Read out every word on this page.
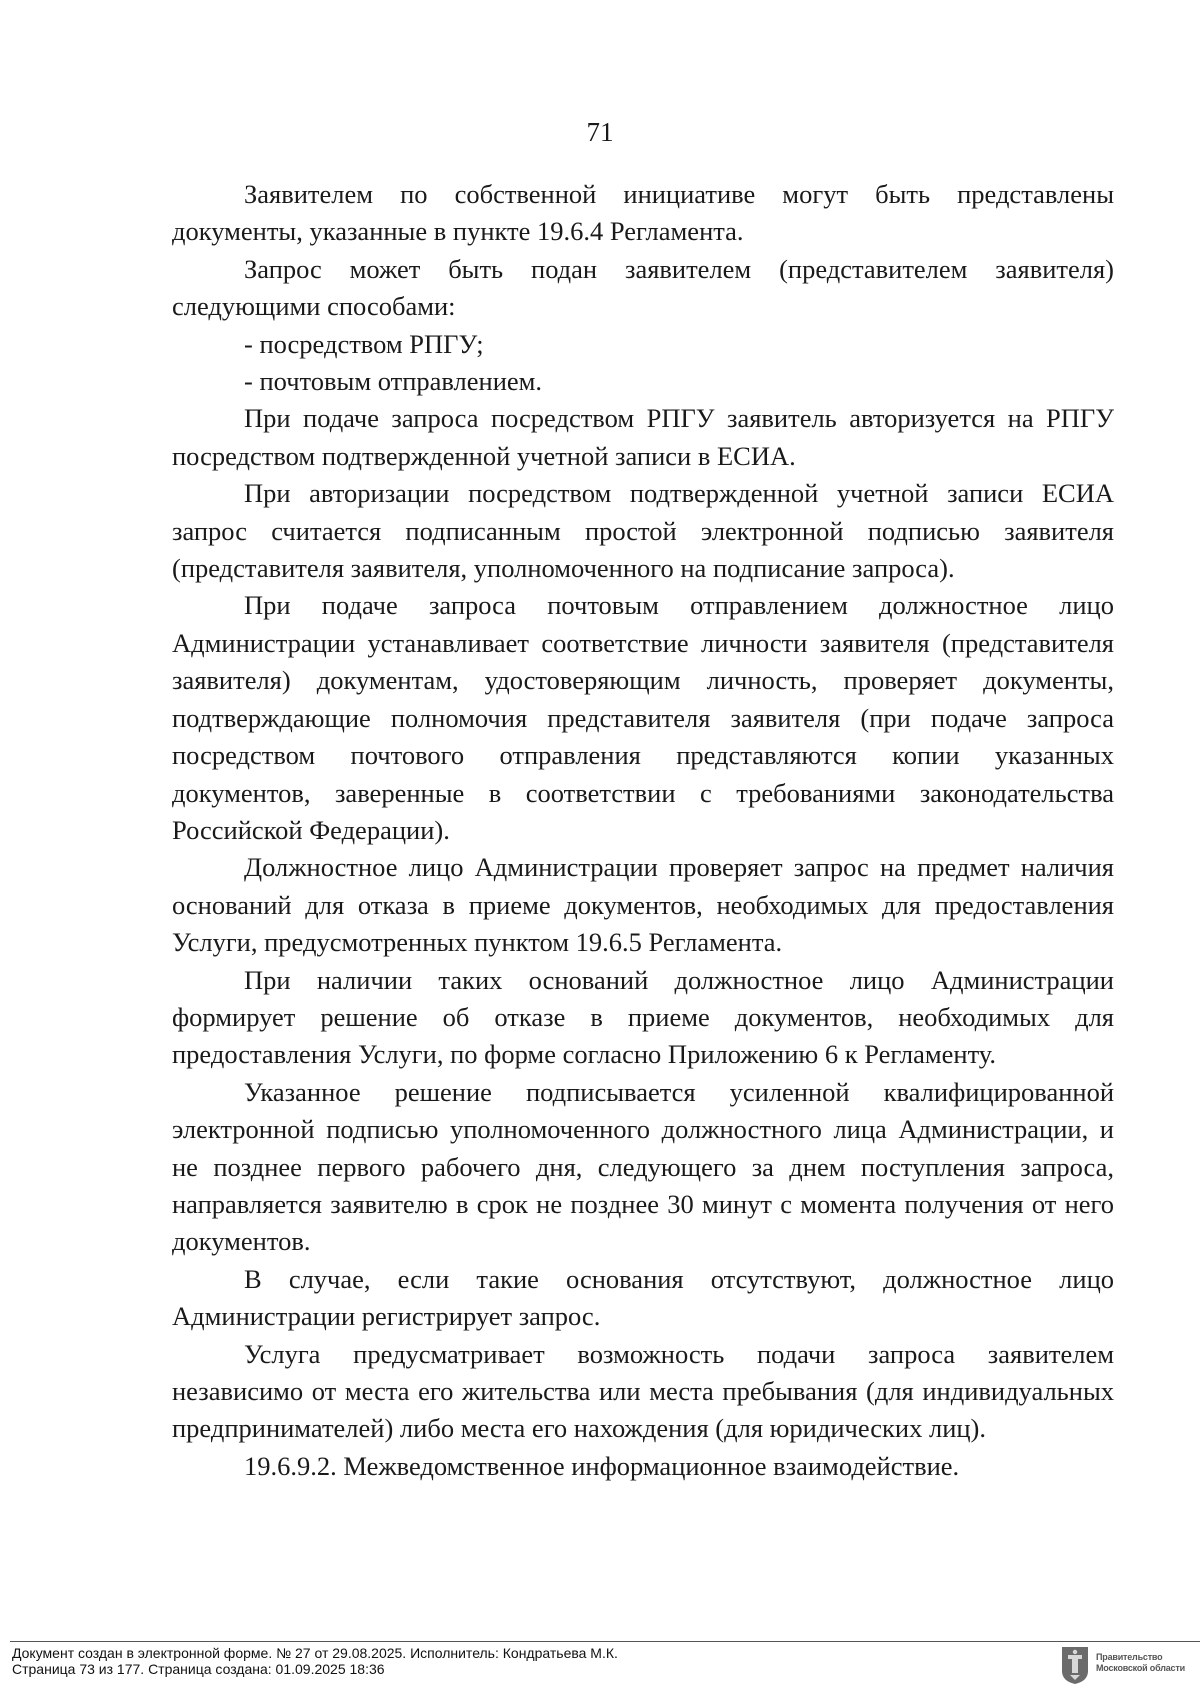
71

Заявителем по собственной инициативе могут быть представлены документы, указанные в пункте 19.6.4 Регламента.

Запрос может быть подан заявителем (представителем заявителя) следующими способами:

- посредством РПГУ;

- почтовым отправлением.

При подаче запроса посредством РПГУ заявитель авторизуется на РПГУ посредством подтвержденной учетной записи в ЕСИА.

При авторизации посредством подтвержденной учетной записи ЕСИА запрос считается подписанным простой электронной подписью заявителя (представителя заявителя, уполномоченного на подписание запроса).

При подаче запроса почтовым отправлением должностное лицо Администрации устанавливает соответствие личности заявителя (представителя заявителя) документам, удостоверяющим личность, проверяет документы, подтверждающие полномочия представителя заявителя (при подаче запроса посредством почтового отправления представляются копии указанных документов, заверенные в соответствии с требованиями законодательства Российской Федерации).

Должностное лицо Администрации проверяет запрос на предмет наличия оснований для отказа в приеме документов, необходимых для предоставления Услуги, предусмотренных пунктом 19.6.5 Регламента.

При наличии таких оснований должностное лицо Администрации формирует решение об отказе в приеме документов, необходимых для предоставления Услуги, по форме согласно Приложению 6 к Регламенту.

Указанное решение подписывается усиленной квалифицированной электронной подписью уполномоченного должностного лица Администрации, и не позднее первого рабочего дня, следующего за днем поступления запроса, направляется заявителю в срок не позднее 30 минут с момента получения от него документов.

В случае, если такие основания отсутствуют, должностное лицо Администрации регистрирует запрос.

Услуга предусматривает возможность подачи запроса заявителем независимо от места его жительства или места пребывания (для индивидуальных предпринимателей) либо места его нахождения (для юридических лиц).

19.6.9.2. Межведомственное информационное взаимодействие.

Документ создан в электронной форме. № 27 от 29.08.2025. Исполнитель: Кондратьева М.К.
Страница 73 из 177. Страница создана: 01.09.2025 18:36
Правительство
Московской области
